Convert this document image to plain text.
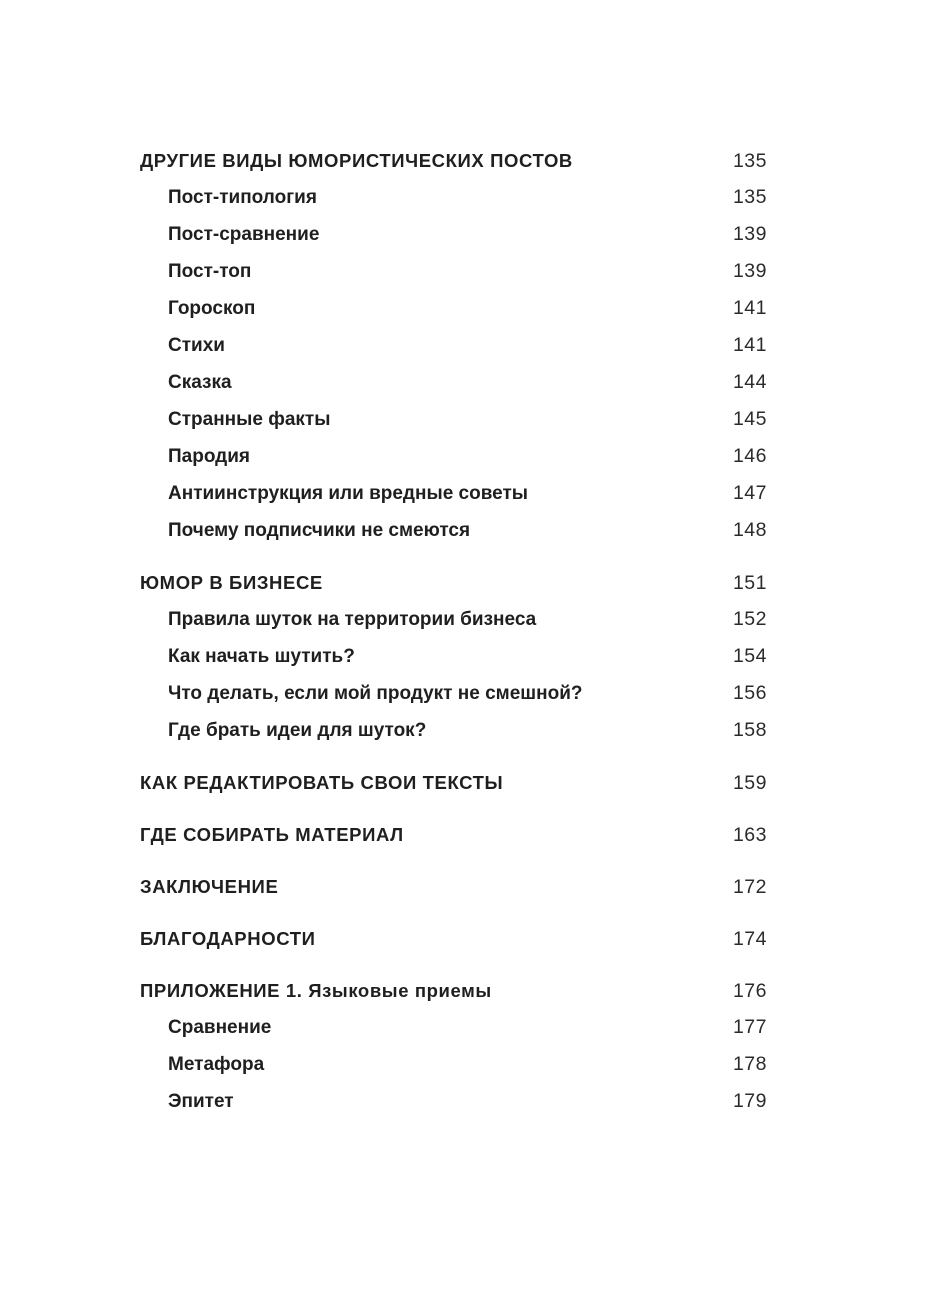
ДРУГИЕ ВИДЫ ЮМОРИСТИЧЕСКИХ ПОСТОВ	135
Пост-типология	135
Пост-сравнение	139
Пост-топ	139
Гороскоп	141
Стихи	141
Сказка	144
Странные факты	145
Пародия	146
Антиинструкция или вредные советы	147
Почему подписчики не смеются	148
ЮМОР В БИЗНЕСЕ	151
Правила шуток на территории бизнеса	152
Как начать шутить?	154
Что делать, если мой продукт не смешной?	156
Где брать идеи для шуток?	158
КАК РЕДАКТИРОВАТЬ СВОИ ТЕКСТЫ	159
ГДЕ СОБИРАТЬ МАТЕРИАЛ	163
ЗАКЛЮЧЕНИЕ	172
БЛАГОДАРНОСТИ	174
ПРИЛОЖЕНИЕ 1. Языковые приемы	176
Сравнение	177
Метафора	178
Эпитет	179
